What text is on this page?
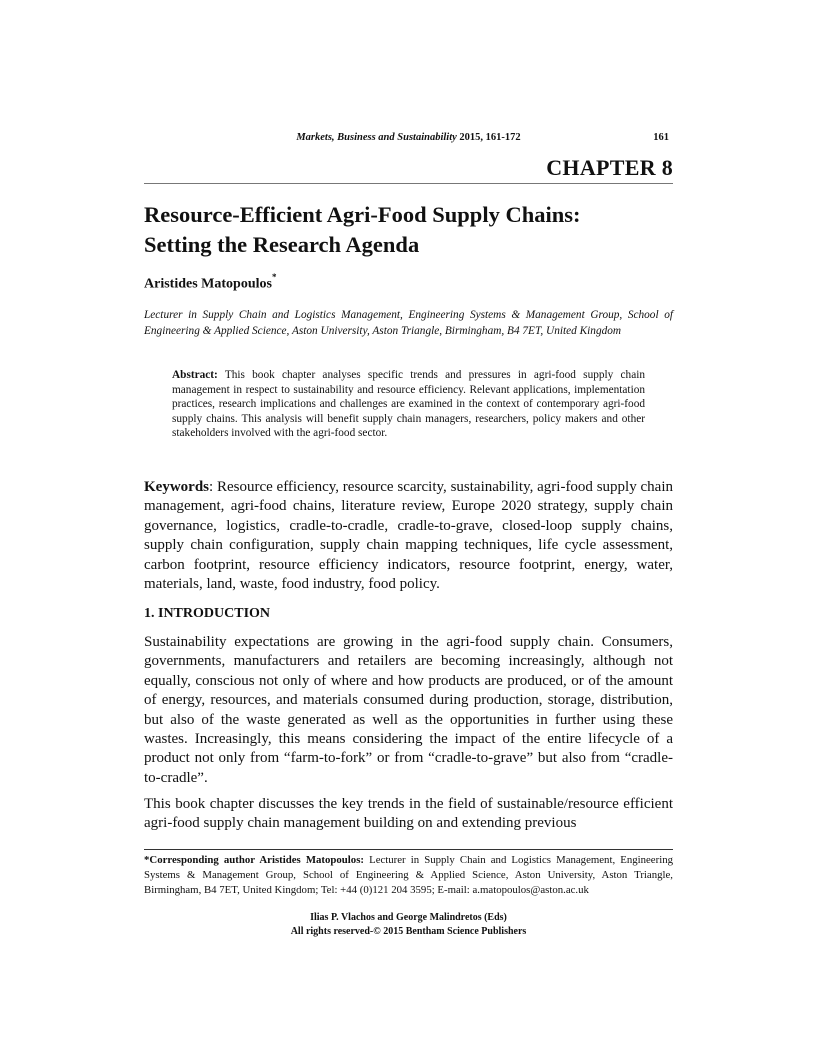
Markets, Business and Sustainability 2015, 161-172	161
CHAPTER 8
Resource-Efficient Agri-Food Supply Chains:
Setting the Research Agenda

Aristides Matopoulos*

Lecturer in Supply Chain and Logistics Management, Engineering Systems & Management Group, School of Engineering & Applied Science, Aston University, Aston Triangle, Birmingham, B4 7ET, United Kingdom

Abstract: This book chapter analyses specific trends and pressures in agri-food supply chain management in respect to sustainability and resource efficiency. Relevant applications, implementation practices, research implications and challenges are examined in the context of contemporary agri-food supply chains. This analysis will benefit supply chain managers, researchers, policy makers and other stakeholders involved with the agri-food sector.

Keywords: Resource efficiency, resource scarcity, sustainability, agri-food supply chain management, agri-food chains, literature review, Europe 2020 strategy, supply chain governance, logistics, cradle-to-cradle, cradle-to-grave, closed-loop supply chains, supply chain configuration, supply chain mapping techniques, life cycle assessment, carbon footprint, resource efficiency indicators, resource footprint, energy, water, materials, land, waste, food industry, food policy.

1. INTRODUCTION

Sustainability expectations are growing in the agri-food supply chain. Consumers, governments, manufacturers and retailers are becoming increasingly, although not equally, conscious not only of where and how products are produced, or of the amount of energy, resources, and materials consumed during production, storage, distribution, but also of the waste generated as well as the opportunities in further using these wastes. Increasingly, this means considering the impact of the entire lifecycle of a product not only from “farm-to-fork” or from “cradle-to-grave” but also from “cradle-to-cradle”.

This book chapter discusses the key trends in the field of sustainable/resource efficient agri-food supply chain management building on and extending previous

*Corresponding author Aristides Matopoulos: Lecturer in Supply Chain and Logistics Management, Engineering Systems & Management Group, School of Engineering & Applied Science, Aston University, Aston Triangle, Birmingham, B4 7ET, United Kingdom; Tel: +44 (0)121 204 3595; E-mail: a.matopoulos@aston.ac.uk

Ilias P. Vlachos and George Malindretos (Eds)
All rights reserved-© 2015 Bentham Science Publishers
